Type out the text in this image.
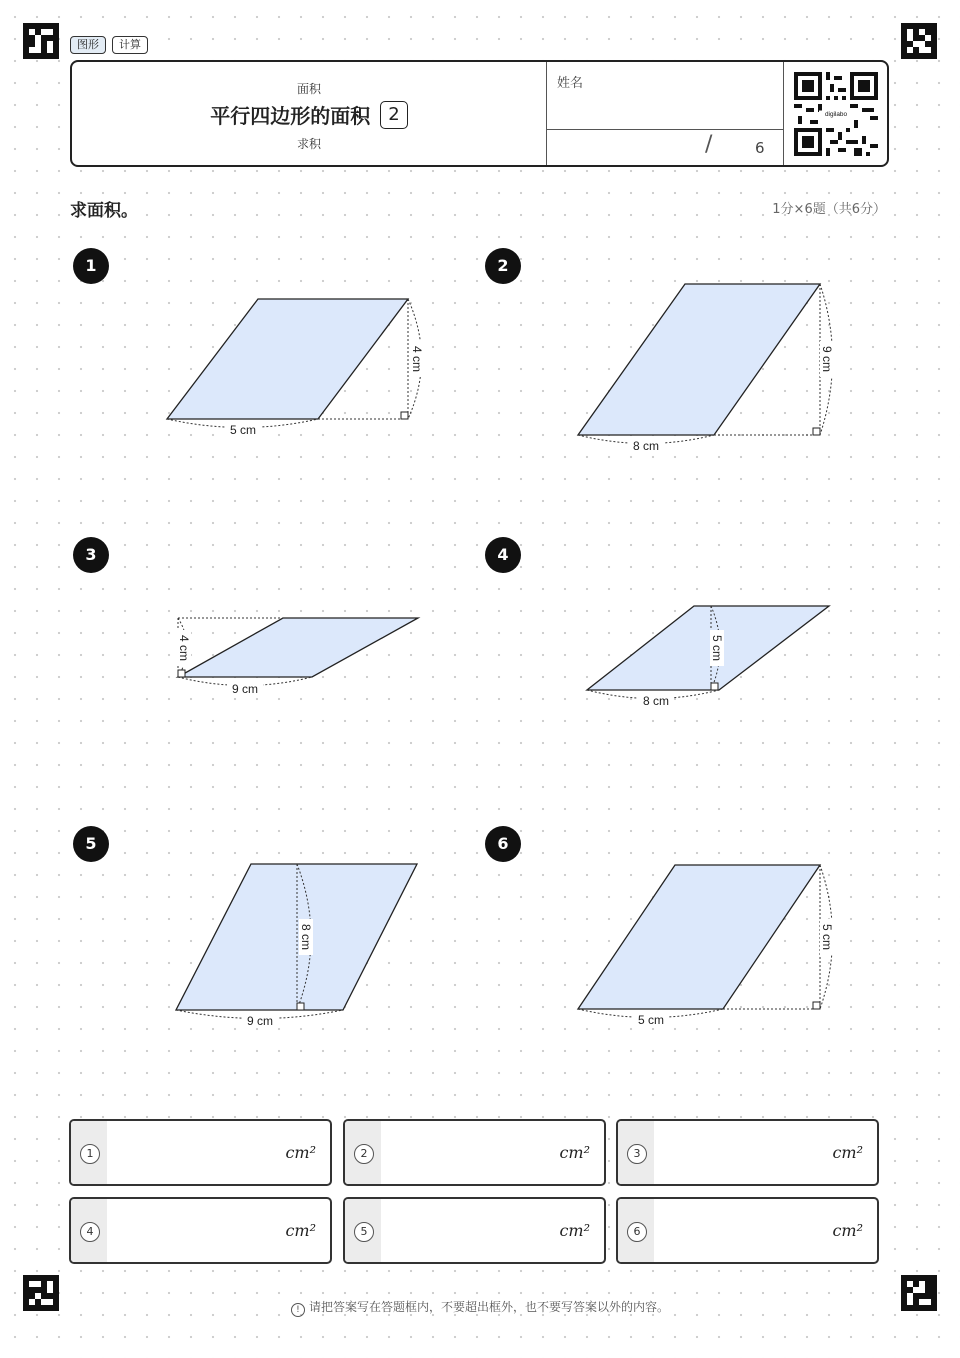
图形	计算
面积
平行四边形的面积	2
求积
姓名
/	6
digilabo
求面积。	1分×6题（共6分）
1	2
3	4
5	6
5 cm
8 cm
9 cm
8 cm
9 cm	5 cm
4 cm	9 cm
4 cm	5 cm
8 cm	5 cm
1	cm²	2	cm²	3	cm²
4	cm²	5	cm²	6	cm²
! 请把答案写在答题框内，不要超出框外，也不要写答案以外的内容。
